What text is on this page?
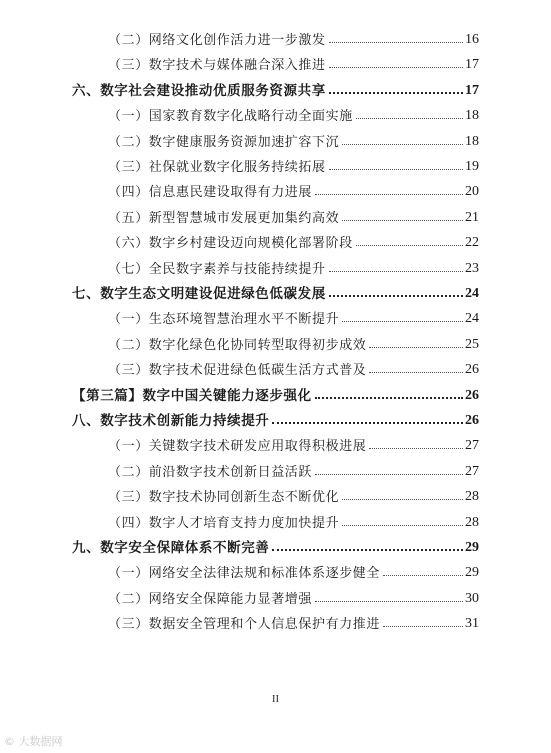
（二）网络文化创作活力进一步激发	16
（三）数字技术与媒体融合深入推进	17
六、数字社会建设推动优质服务资源共享	17
（一）国家教育数字化战略行动全面实施	18
（二）数字健康服务资源加速扩容下沉	18
（三）社保就业数字化服务持续拓展	19
（四）信息惠民建设取得有力进展	20
（五）新型智慧城市发展更加集约高效	21
（六）数字乡村建设迈向规模化部署阶段	22
（七）全民数字素养与技能持续提升	23
七、数字生态文明建设促进绿色低碳发展	24
（一）生态环境智慧治理水平不断提升	24
（二）数字化绿色化协同转型取得初步成效	25
（三）数字技术促进绿色低碳生活方式普及	26
【第三篇】数字中国关键能力逐步强化	26
八、数字技术创新能力持续提升	26
（一）关键数字技术研发应用取得积极进展	27
（二）前沿数字技术创新日益活跃	27
（三）数字技术协同创新生态不断优化	28
（四）数字人才培育支持力度加快提升	28
九、数字安全保障体系不断完善	29
（一）网络安全法律法规和标准体系逐步健全	29
（二）网络安全保障能力显著增强	30
（三）数据安全管理和个人信息保护有力推进	31
II
© 大数据网
